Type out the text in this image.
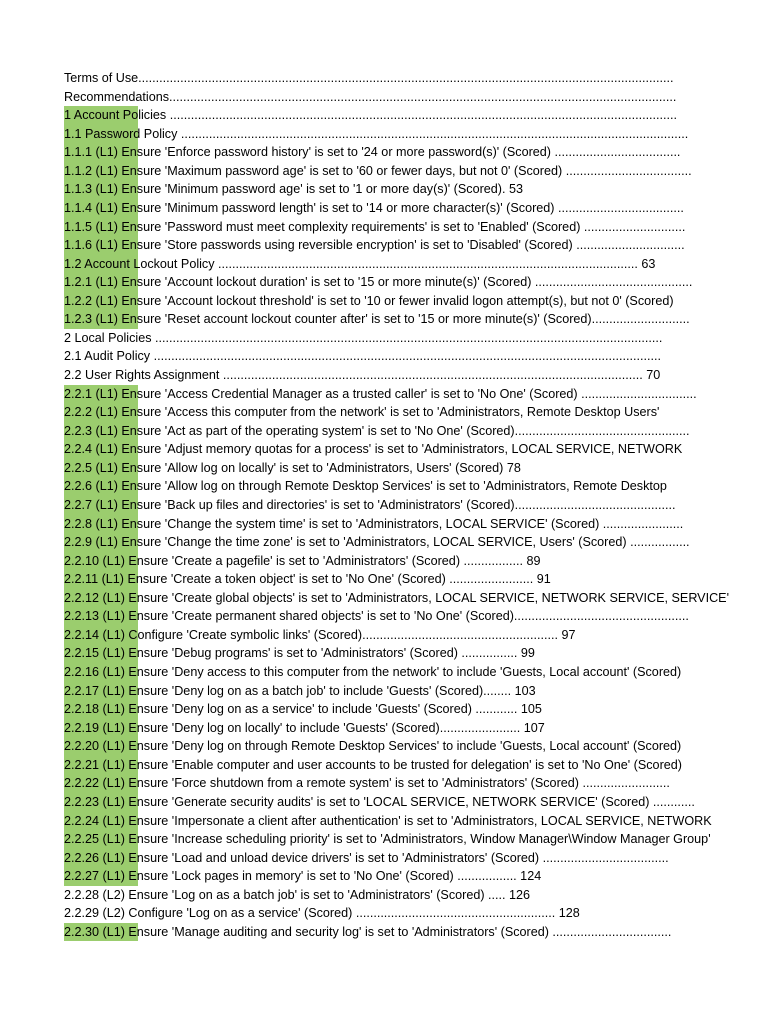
Terms of Use.........................................................................................................................................................
Recommendations.................................................................................................................................................
1 Account Policies .................................................................................................................................................
1.1 Password Policy .................................................................................................................................................
1.1.1 (L1) Ensure 'Enforce password history' is set to '24 or more password(s)' (Scored) ....................................
1.1.2 (L1) Ensure 'Maximum password age' is set to '60 or fewer days, but not 0' (Scored) ....................................
1.1.3 (L1) Ensure 'Minimum password age' is set to '1 or more day(s)' (Scored). 53
1.1.4 (L1) Ensure 'Minimum password length' is set to '14 or more character(s)' (Scored) ....................................
1.1.5 (L1) Ensure 'Password must meet complexity requirements' is set to 'Enabled' (Scored) .............................
1.1.6 (L1) Ensure 'Store passwords using reversible encryption' is set to 'Disabled' (Scored) ...............................
1.2 Account Lockout Policy ........................................................................................................................ 63
1.2.1 (L1) Ensure 'Account lockout duration' is set to '15 or more minute(s)' (Scored) .............................................
1.2.2 (L1) Ensure 'Account lockout threshold' is set to '10 or fewer invalid logon attempt(s), but not 0' (Scored)
1.2.3 (L1) Ensure 'Reset account lockout counter after' is set to '15 or more minute(s)' (Scored)............................
2 Local Policies .................................................................................................................................................
2.1 Audit Policy .................................................................................................................................................
2.2 User Rights Assignment ........................................................................................................................ 70
2.2.1 (L1) Ensure 'Access Credential Manager as a trusted caller' is set to 'No One' (Scored) .................................
2.2.2 (L1) Ensure 'Access this computer from the network' is set to 'Administrators, Remote Desktop Users'
2.2.3 (L1) Ensure 'Act as part of the operating system' is set to 'No One' (Scored)..................................................
2.2.4 (L1) Ensure 'Adjust memory quotas for a process' is set to 'Administrators, LOCAL SERVICE, NETWORK
2.2.5 (L1) Ensure 'Allow log on locally' is set to 'Administrators, Users' (Scored) 78
2.2.6 (L1) Ensure 'Allow log on through Remote Desktop Services' is set to 'Administrators, Remote Desktop
2.2.7 (L1) Ensure 'Back up files and directories' is set to 'Administrators' (Scored)..............................................
2.2.8 (L1) Ensure 'Change the system time' is set to 'Administrators, LOCAL SERVICE' (Scored) .......................
2.2.9 (L1) Ensure 'Change the time zone' is set to 'Administrators, LOCAL SERVICE, Users' (Scored) .................
2.2.10 (L1) Ensure 'Create a pagefile' is set to 'Administrators' (Scored) ................. 89
2.2.11 (L1) Ensure 'Create a token object' is set to 'No One' (Scored) ........................ 91
2.2.12 (L1) Ensure 'Create global objects' is set to 'Administrators, LOCAL SERVICE, NETWORK SERVICE, SERVICE'
2.2.13 (L1) Ensure 'Create permanent shared objects' is set to 'No One' (Scored)..................................................
2.2.14 (L1) Configure 'Create symbolic links' (Scored)........................................................ 97
2.2.15 (L1) Ensure 'Debug programs' is set to 'Administrators' (Scored) ................ 99
2.2.16 (L1) Ensure 'Deny access to this computer from the network' to include 'Guests, Local account' (Scored)
2.2.17 (L1) Ensure 'Deny log on as a batch job' to include 'Guests' (Scored)........ 103
2.2.18 (L1) Ensure 'Deny log on as a service' to include 'Guests' (Scored) ............ 105
2.2.19 (L1) Ensure 'Deny log on locally' to include 'Guests' (Scored)....................... 107
2.2.20 (L1) Ensure 'Deny log on through Remote Desktop Services' to include 'Guests, Local account' (Scored)
2.2.21 (L1) Ensure 'Enable computer and user accounts to be trusted for delegation' is set to 'No One' (Scored)
2.2.22 (L1) Ensure 'Force shutdown from a remote system' is set to 'Administrators' (Scored) .........................
2.2.23 (L1) Ensure 'Generate security audits' is set to 'LOCAL SERVICE, NETWORK SERVICE' (Scored) ............
2.2.24 (L1) Ensure 'Impersonate a client after authentication' is set to 'Administrators, LOCAL SERVICE, NETWORK
2.2.25 (L1) Ensure 'Increase scheduling priority' is set to 'Administrators, Window Manager\Window Manager Group'
2.2.26 (L1) Ensure 'Load and unload device drivers' is set to 'Administrators' (Scored) ....................................
2.2.27 (L1) Ensure 'Lock pages in memory' is set to 'No One' (Scored) ................. 124
2.2.28 (L2) Ensure 'Log on as a batch job' is set to 'Administrators' (Scored) ..... 126
2.2.29 (L2) Configure 'Log on as a service' (Scored) ......................................................... 128
2.2.30 (L1) Ensure 'Manage auditing and security log' is set to 'Administrators' (Scored) ..................................
